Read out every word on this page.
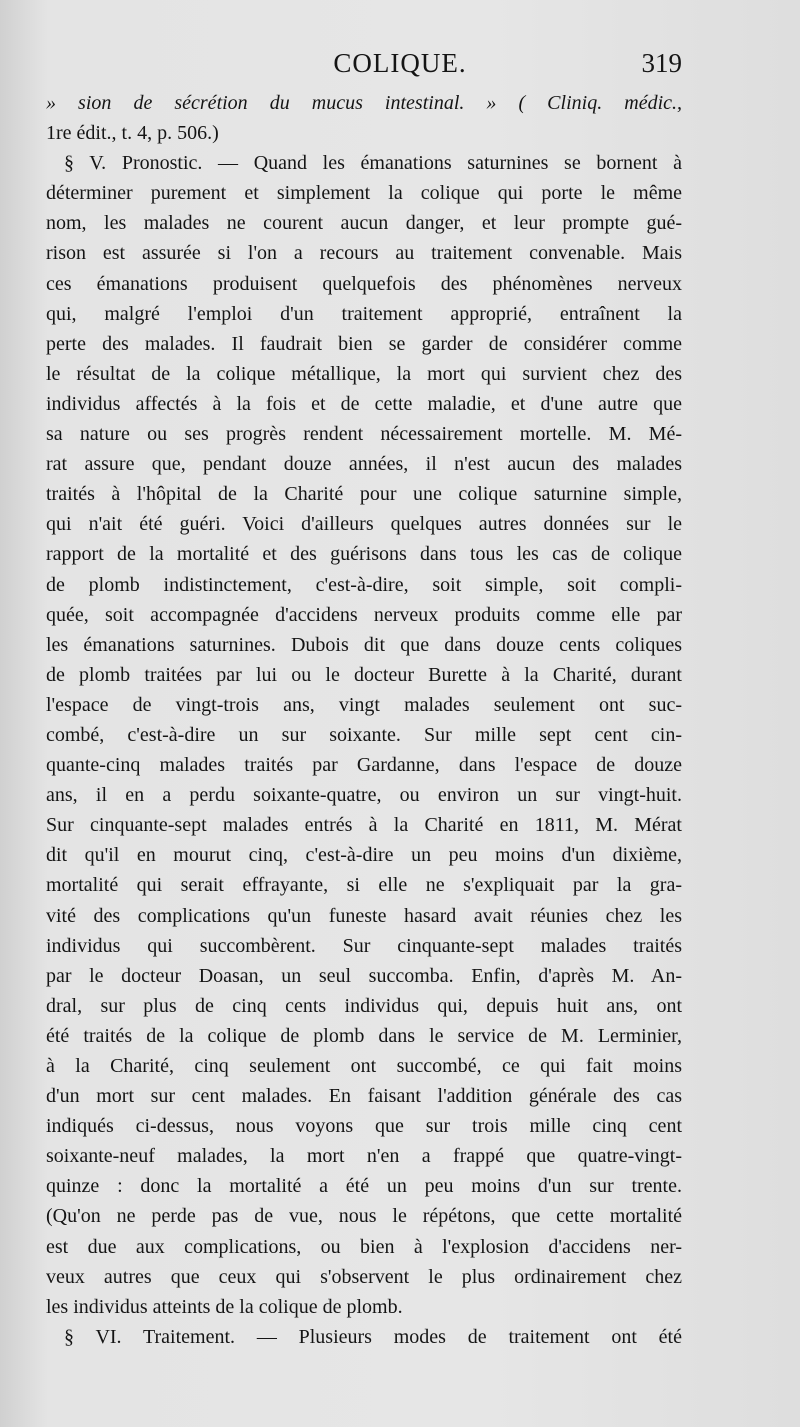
COLIQUE.	319
» sion de sécrétion du mucus intestinal. » ( Cliniq. médic.,
1re édit., t. 4, p. 506.)
§ V. Pronostic. — Quand les émanations saturnines se bornent à
déterminer purement et simplement la colique qui porte le même
nom, les malades ne courent aucun danger, et leur prompte gué-
rison est assurée si l'on a recours au traitement convenable. Mais
ces émanations produisent quelquefois des phénomènes nerveux
qui, malgré l'emploi d'un traitement approprié, entraînent la
perte des malades. Il faudrait bien se garder de considérer comme
le résultat de la colique métallique, la mort qui survient chez des
individus affectés à la fois et de cette maladie, et d'une autre que
sa nature ou ses progrès rendent nécessairement mortelle. M. Mé-
rat assure que, pendant douze années, il n'est aucun des malades
traités à l'hôpital de la Charité pour une colique saturnine simple,
qui n'ait été guéri. Voici d'ailleurs quelques autres données sur le
rapport de la mortalité et des guérisons dans tous les cas de colique
de plomb indistinctement, c'est-à-dire, soit simple, soit compli-
quée, soit accompagnée d'accidens nerveux produits comme elle par
les émanations saturnines. Dubois dit que dans douze cents coliques
de plomb traitées par lui ou le docteur Burette à la Charité, durant
l'espace de vingt-trois ans, vingt malades seulement ont suc-
combé, c'est-à-dire un sur soixante. Sur mille sept cent cin-
quante-cinq malades traités par Gardanne, dans l'espace de douze
ans, il en a perdu soixante-quatre, ou environ un sur vingt-huit.
Sur cinquante-sept malades entrés à la Charité en 1811, M. Mérat
dit qu'il en mourut cinq, c'est-à-dire un peu moins d'un dixième,
mortalité qui serait effrayante, si elle ne s'expliquait par la gra-
vité des complications qu'un funeste hasard avait réunies chez les
individus qui succombèrent. Sur cinquante-sept malades traités
par le docteur Doasan, un seul succomba. Enfin, d'après M. An-
dral, sur plus de cinq cents individus qui, depuis huit ans, ont
été traités de la colique de plomb dans le service de M. Lerminier,
à la Charité, cinq seulement ont succombé, ce qui fait moins
d'un mort sur cent malades. En faisant l'addition générale des cas
indiqués ci-dessus, nous voyons que sur trois mille cinq cent
soixante-neuf malades, la mort n'en a frappé que quatre-vingt-
quinze : donc la mortalité a été un peu moins d'un sur trente.
(Qu'on ne perde pas de vue, nous le répétons, que cette mortalité
est due aux complications, ou bien à l'explosion d'accidens ner-
veux autres que ceux qui s'observent le plus ordinairement chez
les individus atteints de la colique de plomb.
§ VI. Traitement. — Plusieurs modes de traitement ont été
